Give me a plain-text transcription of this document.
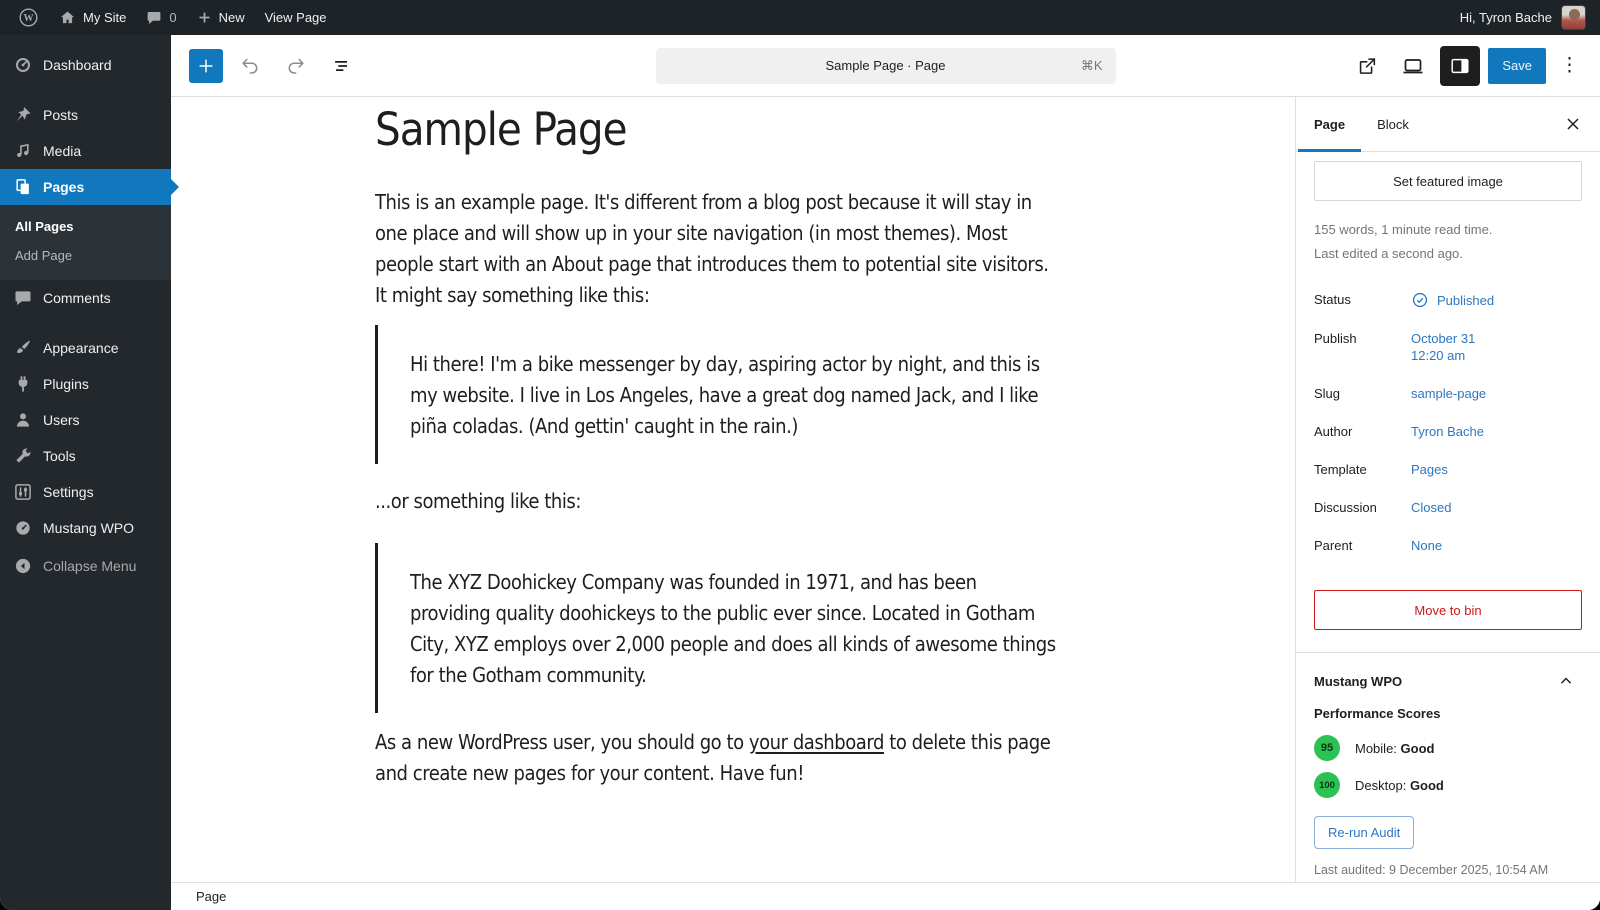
W	My Site	0	New View Page	Hi, Tyron Bache
Dashboard
Posts
Media
Pages
All Pages
Add Page
Comments
Appearance
Plugins
Users
Tools
Settings
Mustang WPO
Collapse Menu
Sample Page · Page	⌘K	Save	⋮
Sample Page

This is an example page. It's different from a blog post because it will stay in one place and will show up in your site navigation (in most themes). Most people start with an About page that introduces them to potential site visitors. It might say something like this:

Hi there! I'm a bike messenger by day, aspiring actor by night, and this is my website. I live in Los Angeles, have a great dog named Jack, and I like piña coladas. (And gettin' caught in the rain.)

...or something like this:

The XYZ Doohickey Company was founded in 1971, and has been providing quality doohickeys to the public ever since. Located in Gotham City, XYZ employs over 2,000 people and does all kinds of awesome things for the Gotham community.

As a new WordPress user, you should go to your dashboard to delete this page and create new pages for your content. Have fun!

Page	Block
Set featured image
155 words, 1 minute read time.
Last edited a second ago.
Status	Published
Publish	October 31
12:20 am
Slug	sample-page
Author	Tyron Bache
Template	Pages
Discussion	Closed
Parent	None
Move to bin
Mustang WPO
Performance Scores
95	Mobile: Good
100	Desktop: Good
Re-run Audit
Last audited: 9 December 2025, 10:54 AM
Page
